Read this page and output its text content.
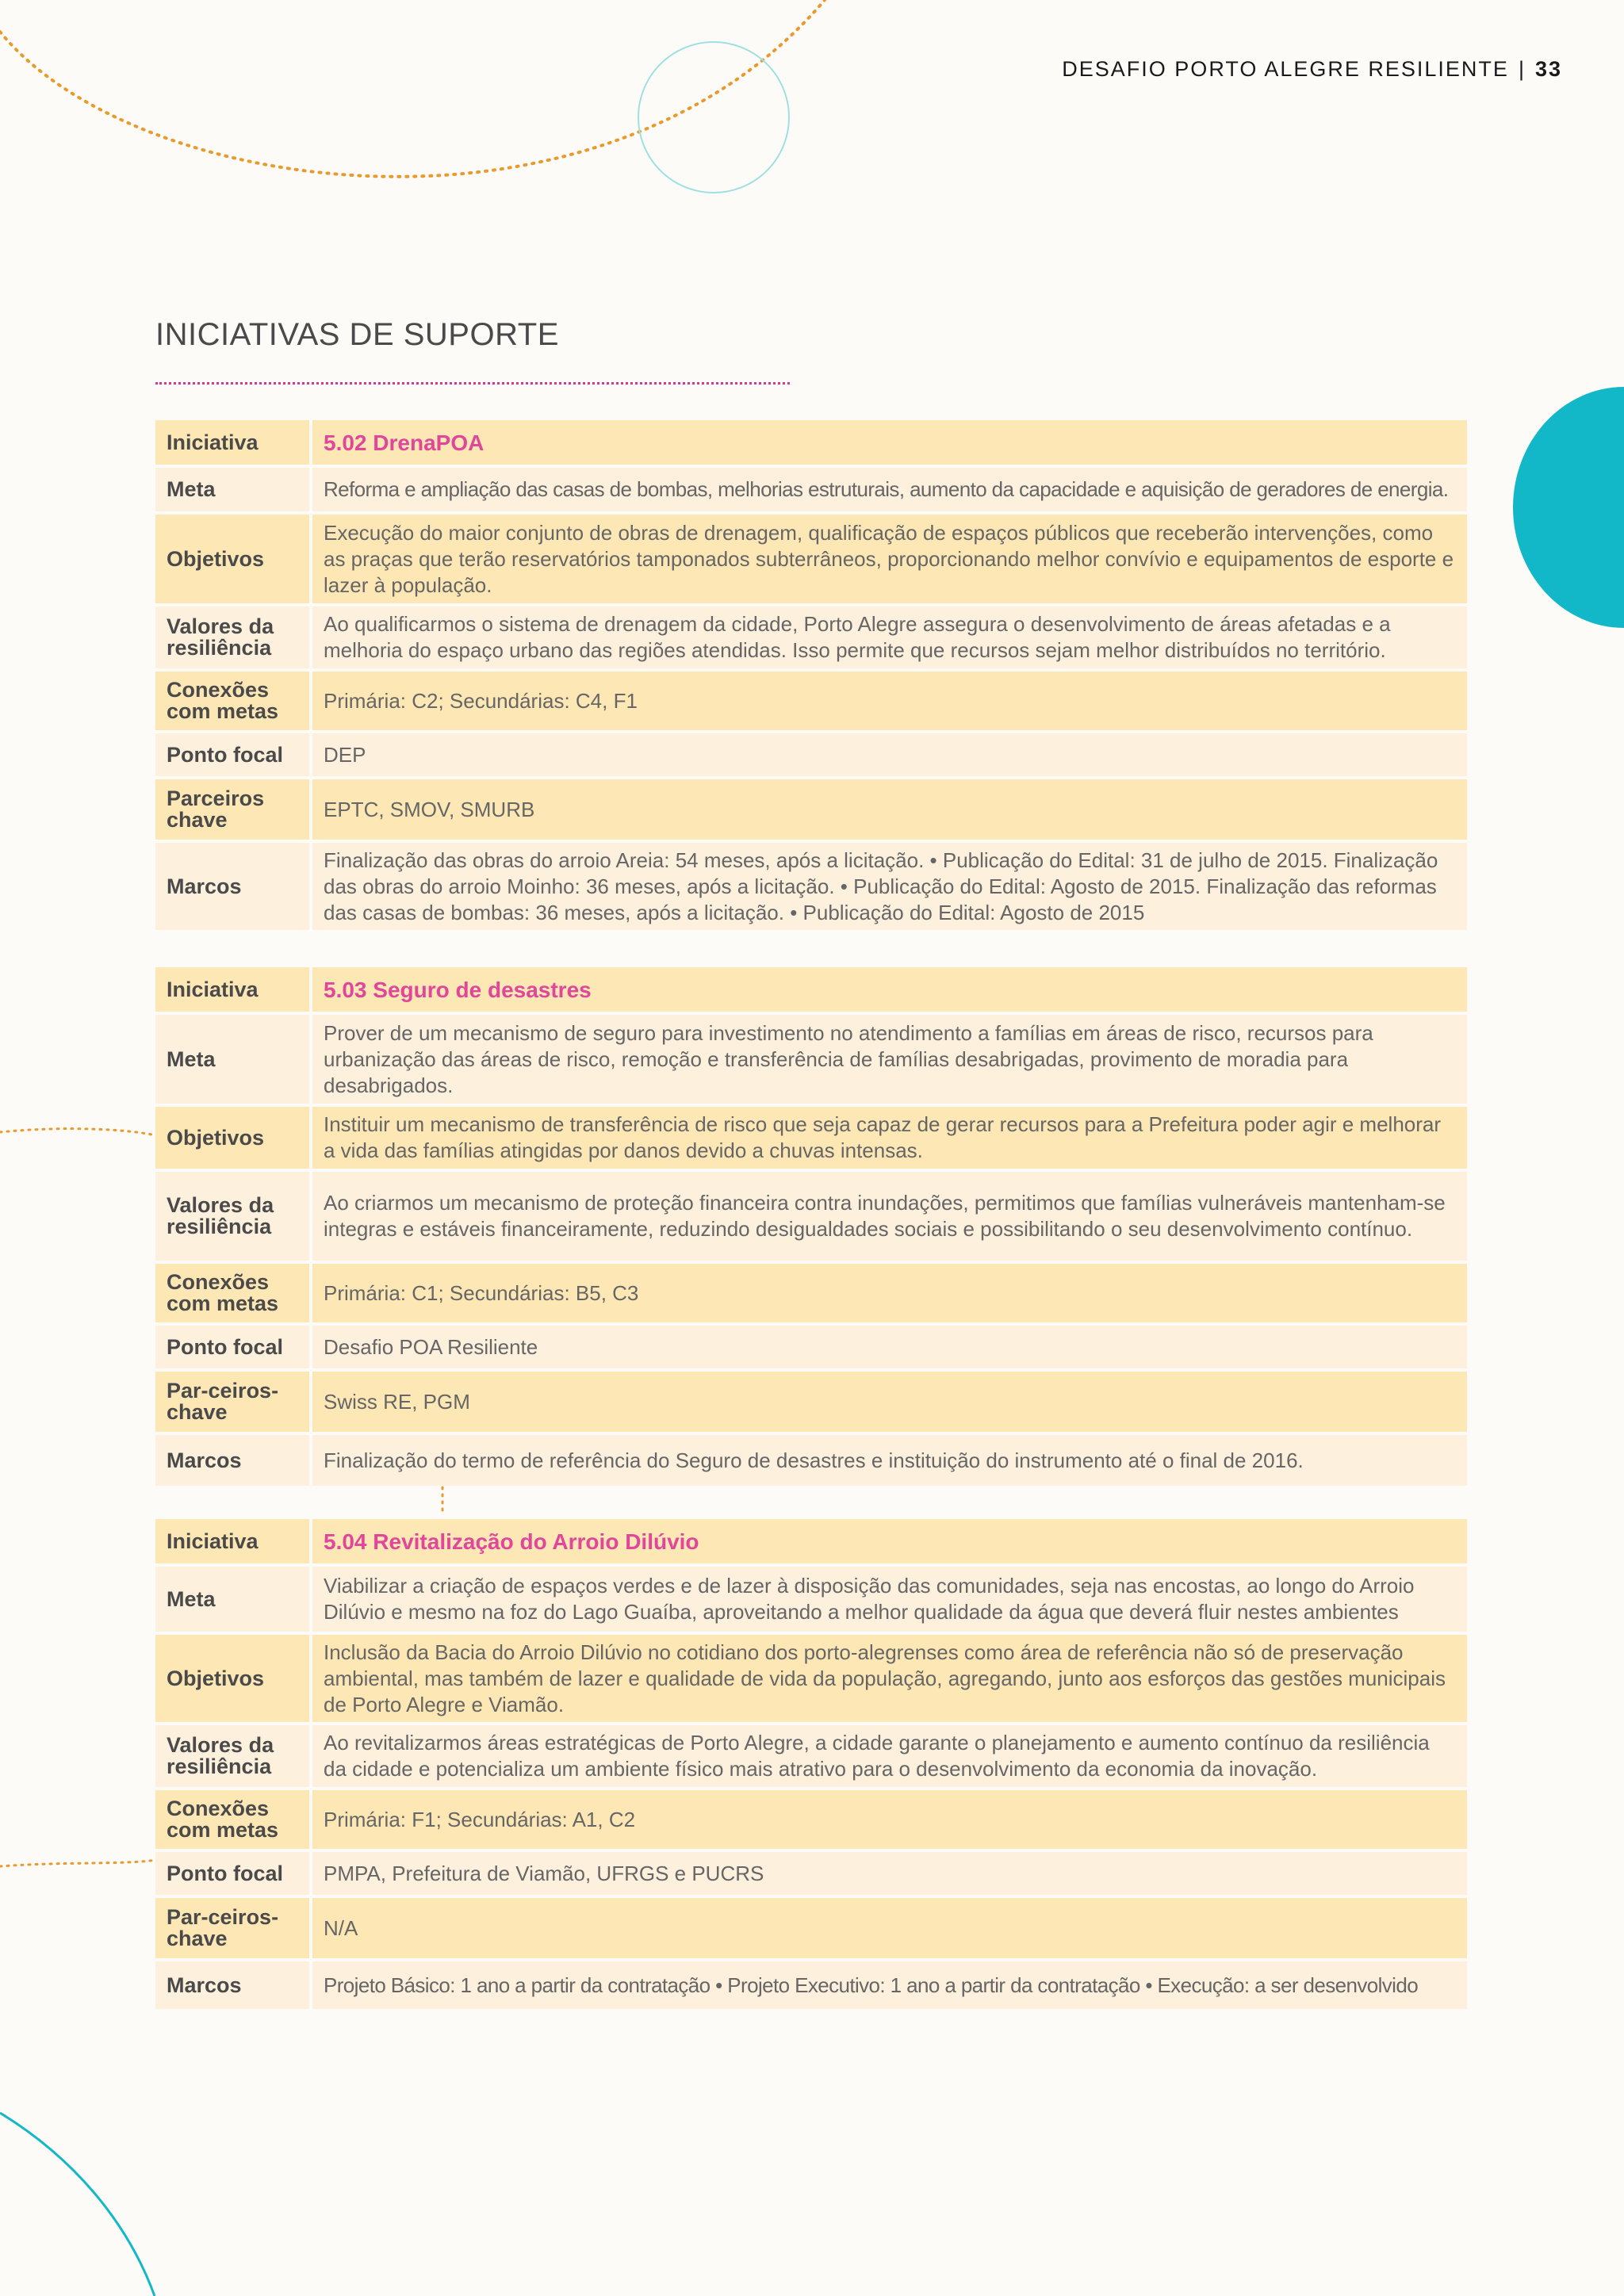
DESAFIO PORTO ALEGRE RESILIENTE | 33
INICIATIVAS DE SUPORTE
Iniciativa	5.02 DrenaPOA
Meta	Reforma e ampliação das casas de bombas, melhorias estruturais, aumento da capacidade e aquisição de geradores de energia.
Objetivos	Execução do maior conjunto de obras de drenagem, qualificação de espaços públicos que receberão intervenções, como as praças que terão reservatórios tamponados subterrâneos, proporcionando melhor convívio e equipamentos de esporte e lazer à população.
Valores da resiliência	Ao qualificarmos o sistema de drenagem da cidade, Porto Alegre assegura o desenvolvimento de áreas afetadas e a melhoria do espaço urbano das regiões atendidas. Isso permite que recursos sejam melhor distribuídos no território.
Conexões com metas	Primária: C2; Secundárias: C4, F1
Ponto focal	DEP
Parceiros chave	EPTC, SMOV, SMURB
Marcos	Finalização das obras do arroio Areia: 54 meses, após a licitação. • Publicação do Edital: 31 de julho de 2015. Finalização das obras do arroio Moinho: 36 meses, após a licitação. • Publicação do Edital: Agosto de 2015. Finalização das reformas das casas de bombas: 36 meses, após a licitação. • Publicação do Edital: Agosto de 2015
Iniciativa	5.03 Seguro de desastres
Meta	Prover de um mecanismo de seguro para investimento no atendimento a famílias em áreas de risco, recursos para urbanização das áreas de risco, remoção e transferência de famílias desabrigadas, provimento de moradia para desabrigados.
Objetivos	Instituir um mecanismo de transferência de risco que seja capaz de gerar recursos para a Prefeitura poder agir e melhorar a vida das famílias atingidas por danos devido a chuvas intensas.
Valores da resiliência	Ao criarmos um mecanismo de proteção financeira contra inundações, permitimos que famílias vulneráveis mantenham-se integras e estáveis financeiramente, reduzindo desigualdades sociais e possibilitando o seu desenvolvimento contínuo.
Conexões com metas	Primária: C1; Secundárias: B5, C3
Ponto focal	Desafio POA Resiliente
Par-ceiros-chave	Swiss RE, PGM
Marcos	Finalização do termo de referência do Seguro de desastres e instituição do instrumento até o final de 2016.
Iniciativa	5.04 Revitalização do Arroio Dilúvio
Meta	Viabilizar a criação de espaços verdes e de lazer à disposição das comunidades, seja nas encostas, ao longo do Arroio Dilúvio e mesmo na foz do Lago Guaíba, aproveitando a melhor qualidade da água que deverá fluir nestes ambientes
Objetivos	Inclusão da Bacia do Arroio Dilúvio no cotidiano dos porto-alegrenses como área de referência não só de preservação ambiental, mas também de lazer e qualidade de vida da população, agregando, junto aos esforços das gestões municipais de Porto Alegre e Viamão.
Valores da resiliência	Ao revitalizarmos áreas estratégicas de Porto Alegre, a cidade garante o planejamento e aumento contínuo da resiliência da cidade e potencializa um ambiente físico mais atrativo para o desenvolvimento da economia da inovação.
Conexões com metas	Primária: F1; Secundárias: A1, C2
Ponto focal	PMPA, Prefeitura de Viamão, UFRGS e PUCRS
Par-ceiros-chave	N/A
Marcos	Projeto Básico: 1 ano a partir da contratação • Projeto Executivo: 1 ano a partir da contratação • Execução: a ser desenvolvido
